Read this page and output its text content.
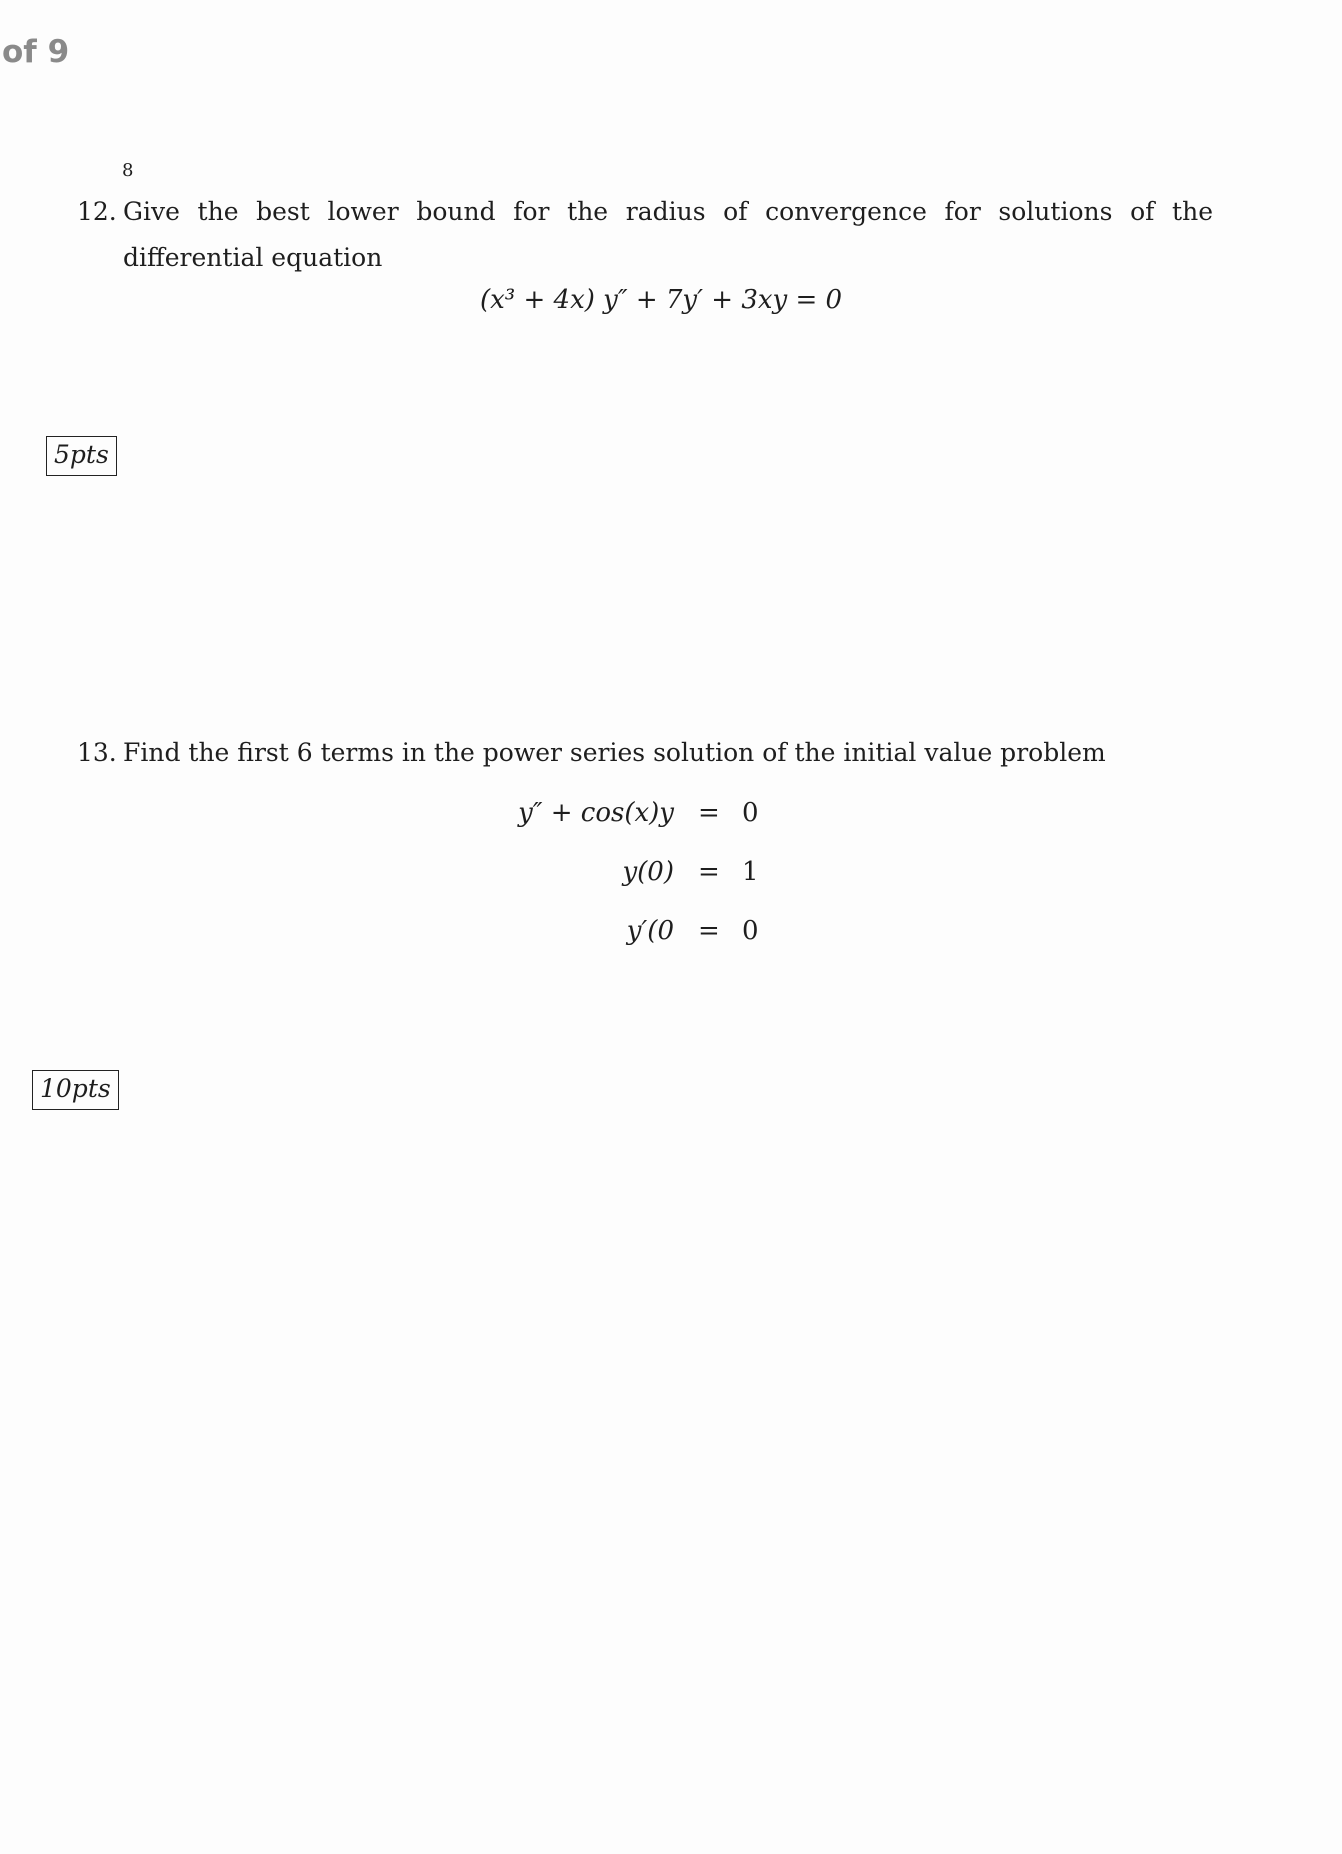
of 9
8
12. Give the best lower bound for the radius of convergence for solutions of the differential equation
(x³ + 4x) y″ + 7y′ + 3xy = 0
5pts
13. Find the first 6 terms in the power series solution of the initial value problem
y″ + cos(x)y = 0
y(0) = 1
y′(0 = 0
10pts
